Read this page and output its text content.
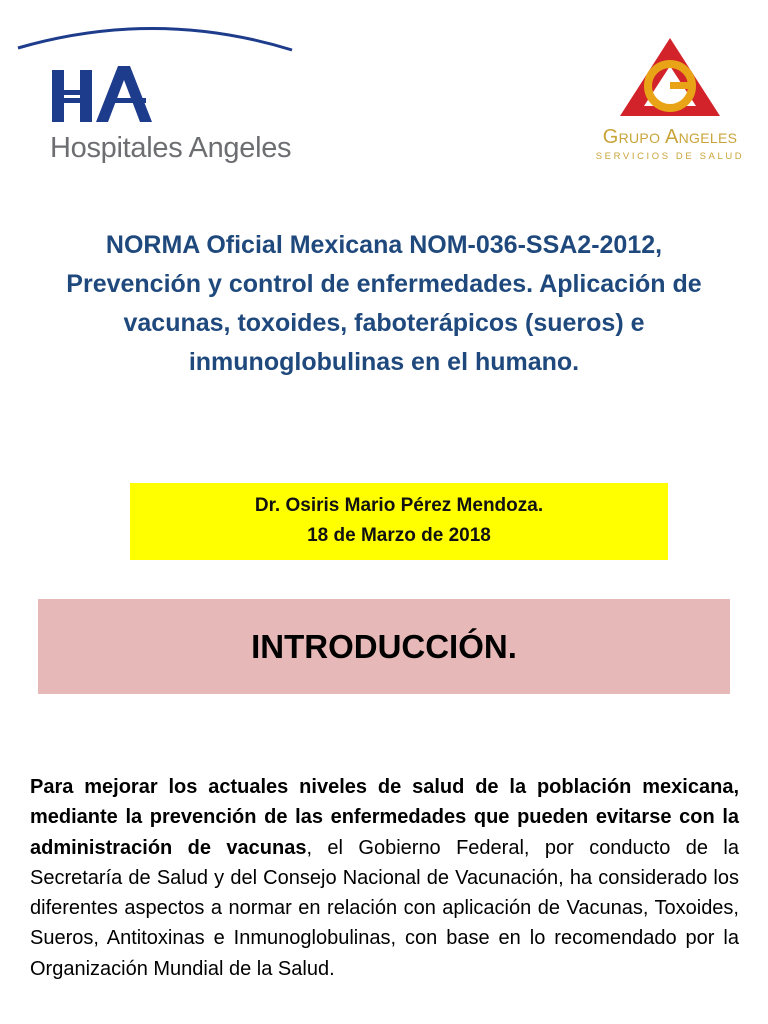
Hospitales Angeles	Grupo Angeles
SERVICIOS DE SALUD
NORMA Oficial Mexicana NOM-036-SSA2-2012, Prevención y control de enfermedades. Aplicación de vacunas, toxoides, faboterápicos (sueros) e inmunoglobulinas en el humano.
Dr. Osiris Mario Pérez Mendoza.
18 de Marzo de 2018
INTRODUCCIÓN.
Para mejorar los actuales niveles de salud de la población mexicana, mediante la prevención de las enfermedades que pueden evitarse con la administración de vacunas, el Gobierno Federal, por conducto de la Secretaría de Salud y del Consejo Nacional de Vacunación, ha considerado los diferentes aspectos a normar en relación con aplicación de Vacunas, Toxoides, Sueros, Antitoxinas e Inmunoglobulinas, con base en lo recomendado por la Organización Mundial de la Salud.
